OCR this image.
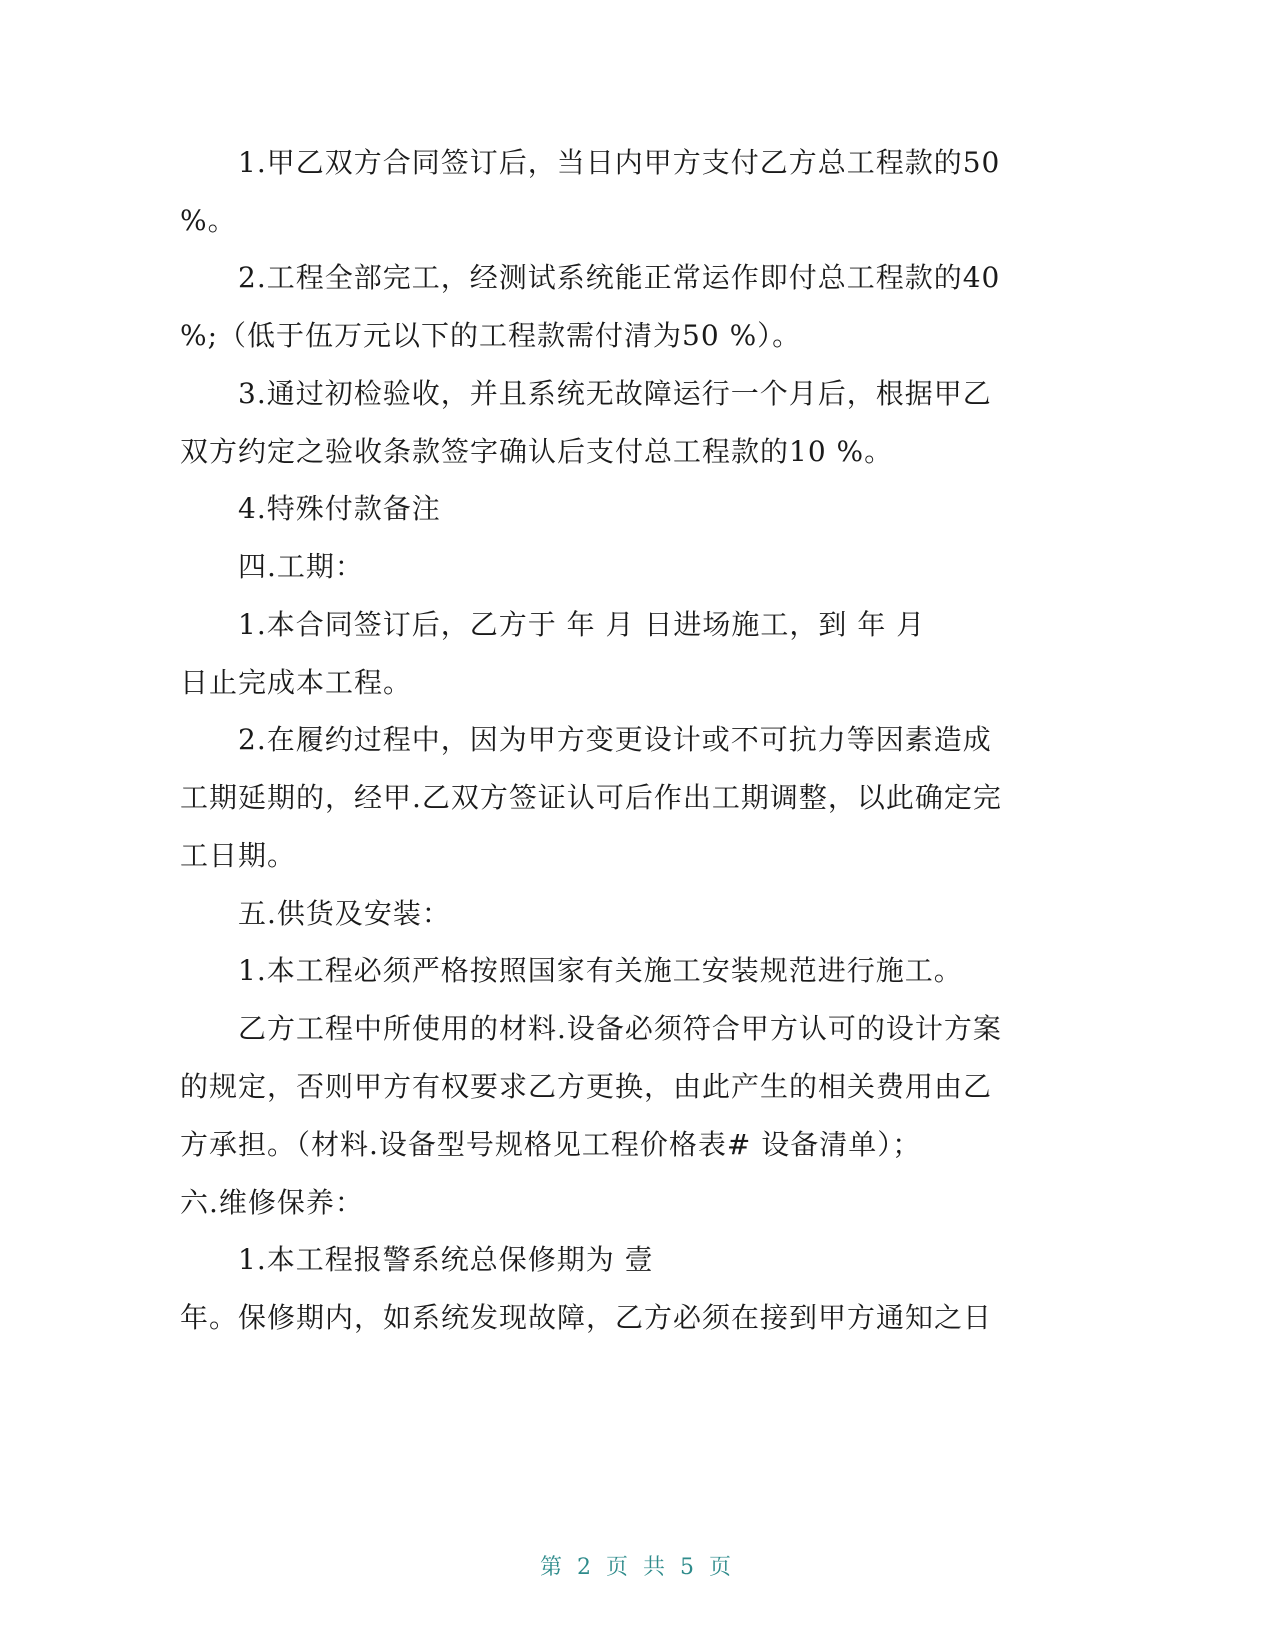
1.甲乙双方合同签订后，当日内甲方支付乙方总工程款的50
%。
2.工程全部完工，经测试系统能正常运作即付总工程款的40
%;（低于伍万元以下的工程款需付清为50 %）。
3.通过初检验收，并且系统无故障运行一个月后，根据甲乙
双方约定之验收条款签字确认后支付总工程款的10 %。
4.特殊付款备注
四.工期：
1.本合同签订后，乙方于 年 月 日进场施工，到 年 月
日止完成本工程。
2.在履约过程中，因为甲方变更设计或不可抗力等因素造成
工期延期的，经甲.乙双方签证认可后作出工期调整，以此确定完
工日期。
五.供货及安装：
1.本工程必须严格按照国家有关施工安装规范进行施工。
乙方工程中所使用的材料.设备必须符合甲方认可的设计方案
的规定，否则甲方有权要求乙方更换，由此产生的相关费用由乙
方承担。（材料.设备型号规格见工程价格表# 设备清单）；
六.维修保养：
1.本工程报警系统总保修期为 壹
年。保修期内，如系统发现故障，乙方必须在接到甲方通知之日
第 2 页 共 5 页
